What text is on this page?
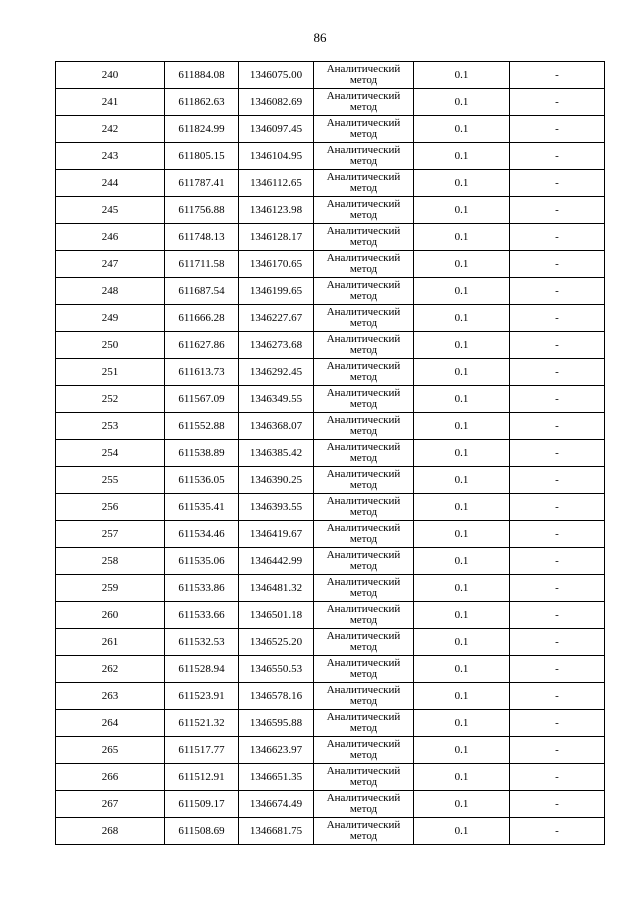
86
240	611884.08	1346075.00	Аналитический метод	0.1	-
241	611862.63	1346082.69	Аналитический метод	0.1	-
242	611824.99	1346097.45	Аналитический метод	0.1	-
243	611805.15	1346104.95	Аналитический метод	0.1	-
244	611787.41	1346112.65	Аналитический метод	0.1	-
245	611756.88	1346123.98	Аналитический метод	0.1	-
246	611748.13	1346128.17	Аналитический метод	0.1	-
247	611711.58	1346170.65	Аналитический метод	0.1	-
248	611687.54	1346199.65	Аналитический метод	0.1	-
249	611666.28	1346227.67	Аналитический метод	0.1	-
250	611627.86	1346273.68	Аналитический метод	0.1	-
251	611613.73	1346292.45	Аналитический метод	0.1	-
252	611567.09	1346349.55	Аналитический метод	0.1	-
253	611552.88	1346368.07	Аналитический метод	0.1	-
254	611538.89	1346385.42	Аналитический метод	0.1	-
255	611536.05	1346390.25	Аналитический метод	0.1	-
256	611535.41	1346393.55	Аналитический метод	0.1	-
257	611534.46	1346419.67	Аналитический метод	0.1	-
258	611535.06	1346442.99	Аналитический метод	0.1	-
259	611533.86	1346481.32	Аналитический метод	0.1	-
260	611533.66	1346501.18	Аналитический метод	0.1	-
261	611532.53	1346525.20	Аналитический метод	0.1	-
262	611528.94	1346550.53	Аналитический метод	0.1	-
263	611523.91	1346578.16	Аналитический метод	0.1	-
264	611521.32	1346595.88	Аналитический метод	0.1	-
265	611517.77	1346623.97	Аналитический метод	0.1	-
266	611512.91	1346651.35	Аналитический метод	0.1	-
267	611509.17	1346674.49	Аналитический метод	0.1	-
268	611508.69	1346681.75	Аналитический метод	0.1	-
